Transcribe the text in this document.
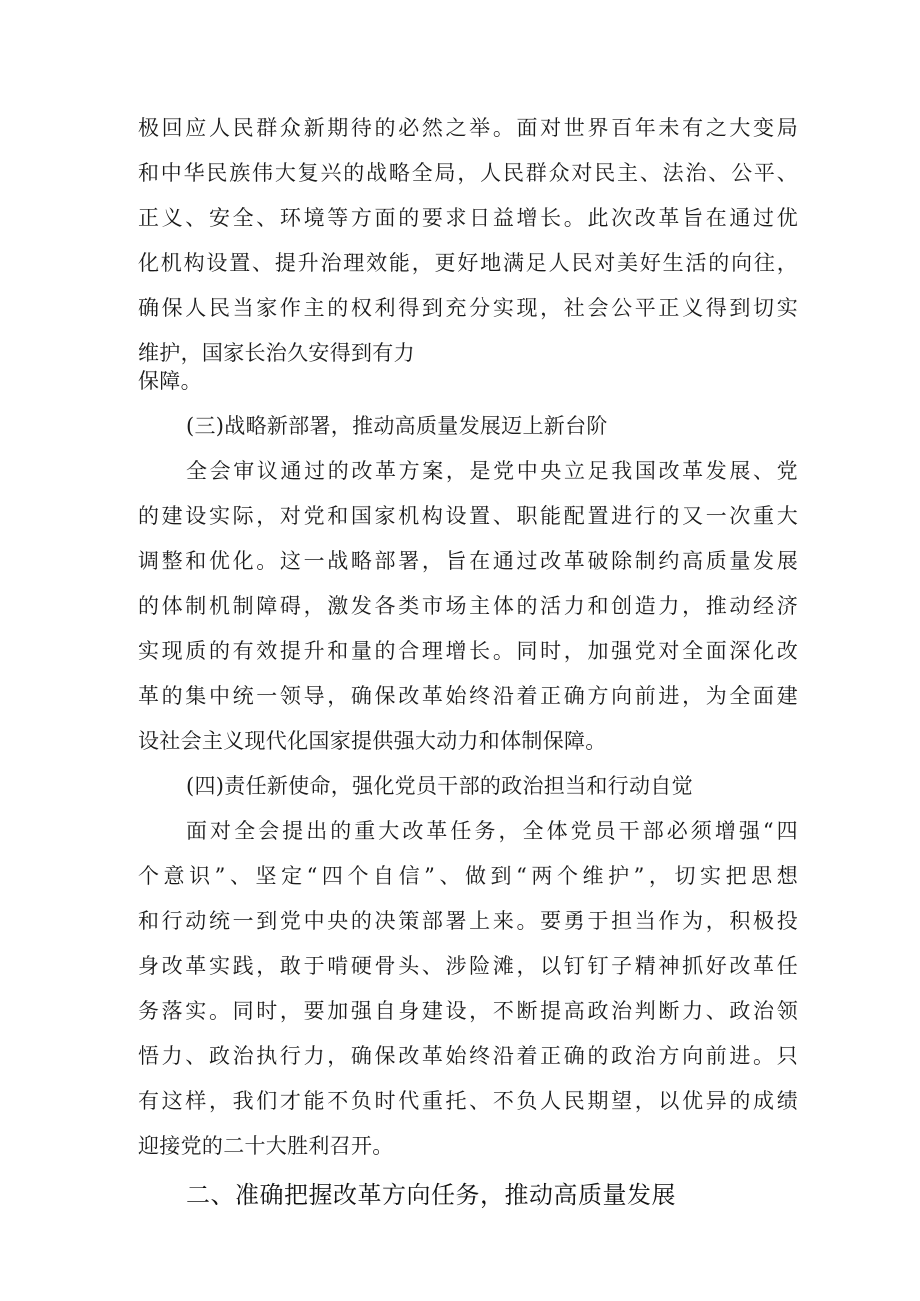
极回应人民群众新期待的必然之举。面对世界百年未有之大变局
和中华民族伟大复兴的战略全局，人民群众对民主、法治、公平、
正义、安全、环境等方面的要求日益增长。此次改革旨在通过优
化机构设置、提升治理效能，更好地满足人民对美好生活的向往，
确保人民当家作主的权利得到充分实现，社会公平正义得到切实
维护，国家长治久安得到有力
保障。
(三)战略新部署，推动高质量发展迈上新台阶
全会审议通过的改革方案，是党中央立足我国改革发展、党
的建设实际，对党和国家机构设置、职能配置进行的又一次重大
调整和优化。这一战略部署，旨在通过改革破除制约高质量发展
的体制机制障碍，激发各类市场主体的活力和创造力，推动经济
实现质的有效提升和量的合理增长。同时，加强党对全面深化改
革的集中统一领导，确保改革始终沿着正确方向前进，为全面建
设社会主义现代化国家提供强大动力和体制保障。
(四)责任新使命，强化党员干部的政治担当和行动自觉
面对全会提出的重大改革任务，全体党员干部必须增强“四
个意识”、坚定“四个自信”、做到“两个维护”，切实把思想
和行动统一到党中央的决策部署上来。要勇于担当作为，积极投
身改革实践，敢于啃硬骨头、涉险滩，以钉钉子精神抓好改革任
务落实。同时，要加强自身建设，不断提高政治判断力、政治领
悟力、政治执行力，确保改革始终沿着正确的政治方向前进。只
有这样，我们才能不负时代重托、不负人民期望，以优异的成绩
迎接党的二十大胜利召开。
二、准确把握改革方向任务，推动高质量发展
